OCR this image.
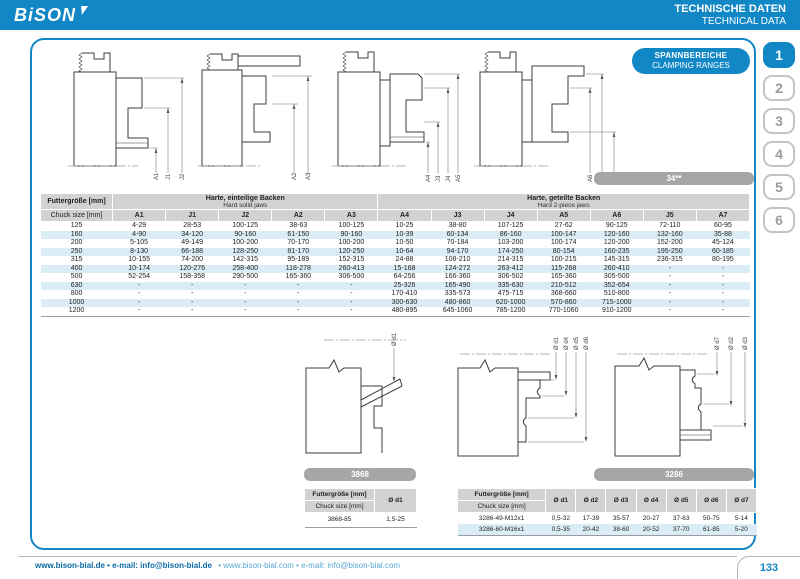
BiSON	TECHNISCHE DATEN
TECHNICAL DATA
1
2
3
4
5
6
A1 J1 J2	A2 A3	A4 J3 J4 A5	A6
SPANNBEREICHE
CLAMPING RANGES
34**
Futtergröße [mm]	Harte, einteilige Backen
Hard solid jaws

Harte, geteilte Backen
Hard 2-piece jaws

Chuck size [mm]	A1	J1	J2	A2	A3	A4	J3	J4	A5	A6	J5	A7
125	4-29	28-53	100-125	38-63	100-125	10-25	38-80	107-125	27-62	90-125	72-110	60-95
160	4-90	34-120	90-160	61-150	90-160	10-39	60-134	86-160	100-147	120-160	132-160	35-88
200	5-105	49-149	100-200	70-170	100-200	10-50	70-184	103-200	100-174	120-200	152-200	45-124
250	8-130	66-188	128-250	81-170	120-250	10-64	94-170	174-250	80-154	160-235	195-250	60-185
315	10-155	74-200	142-315	95-189	152-315	24-88	108-210	214-315	100-215	145-315	236-315	80-195
400	10-174	120-276	258-400	118-278	260-413	15-168	124-272	263-412	115-268	260-410	-	-
500	52-254	158-358	290-500	165-360	306-500	64-256	166-360	306-502	165-360	305-500	-	-
630	-	-	-	-	-	25-326	165-490	335-630	210-512	352-654	-	-
800	-	-	-	-	-	170-410	335-573	475-715	368-660	510-800	-	-
1000	-	-	-	-	-	300-630	480-860	620-1000	570-860	715-1000	-	-
1200	-	-	-	-	-	480-895	645-1060	785-1200	770-1060	910-1200	-	-
Ø d1	Ø d1 Ø d4 Ø d5 Ø d6	Ø d7 Ø d2 Ø d3
3868	3286
Futtergröße [mm]	Ø d1
Chuck size [mm]	
3868-85	1,5-25
Futtergröße [mm]	Ø d1	Ø d2	Ø d3	Ø d4	Ø d5	Ø d6	Ø d7
Chuck size [mm]							
3286-49-M12x1	0,5-32	17-39	35-57	20-27	37-63	50-75	5-14
3286-60-M16x1	0,5-35	20-42	38-60	20-52	37-70	61-85	5-20
www.bison-bial.de • e-mail: info@bison-bial.de • www.bison-bial.com • e-mail: info@bison-bial.com	133
